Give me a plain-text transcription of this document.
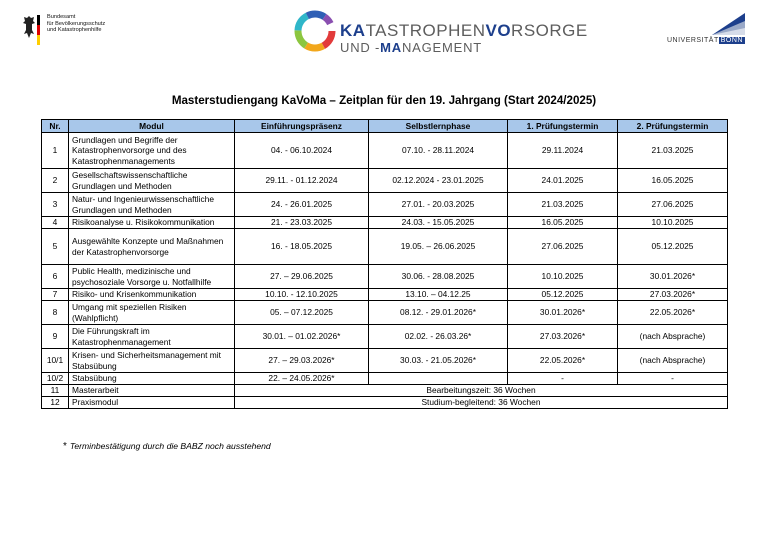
Bundesamt
für Bevölkerungsschutz
und Katastrophenhilfe	KATASTROPHENVORSORGE
UND -MANAGEMENT	UNIVERSITÄT BONN
Masterstudiengang KaVoMa – Zeitplan für den 19. Jahrgang (Start 2024/2025)
Nr.	Modul	Einführungspräsenz	Selbstlernphase	1. Prüfungstermin	2. Prüfungstermin
1	Grundlagen und Begriffe der Katastrophenvorsorge und des Katastrophenmanagements	04. - 06.10.2024	07.10. - 28.11.2024	29.11.2024	21.03.2025
2	Gesellschaftswissenschaftliche Grundlagen und Methoden	29.11. - 01.12.2024	02.12.2024 - 23.01.2025	24.01.2025	16.05.2025
3	Natur- und Ingenieurwissenschaftliche Grundlagen und Methoden	24. - 26.01.2025	27.01. - 20.03.2025	21.03.2025	27.06.2025
4	Risikoanalyse u. Risikokommunikation	21. - 23.03.2025	24.03. - 15.05.2025	16.05.2025	10.10.2025
5	Ausgewählte Konzepte und Maßnahmen der Katastrophenvorsorge	16. - 18.05.2025	19.05. – 26.06.2025	27.06.2025	05.12.2025
6	Public Health, medizinische und psychosoziale Vorsorge u. Notfallhilfe	27. – 29.06.2025	30.06. - 28.08.2025	10.10.2025	30.01.2026*
7	Risiko- und Krisenkommunikation	10.10. - 12.10.2025	13.10. – 04.12.25	05.12.2025	27.03.2026*
8	Umgang mit speziellen Risiken (Wahlpflicht)	05. – 07.12.2025	08.12. - 29.01.2026*	30.01.2026*	22.05.2026*
9	Die Führungskraft im Katastrophenmanagement	30.01. – 01.02.2026*	02.02. - 26.03.26*	27.03.2026*	(nach Absprache)
10/1	Krisen- und Sicherheitsmanagement mit Stabsübung	27. – 29.03.2026*	30.03. - 21.05.2026*	22.05.2026*	(nach Absprache)
10/2	Stabsübung	22. – 24.05.2026*		-	-
11	Masterarbeit	Bearbeitungszeit: 36 Wochen			
12	Praxismodul	Studium-begleitend: 36 Wochen			
* Terminbestätigung durch die BABZ noch ausstehend
